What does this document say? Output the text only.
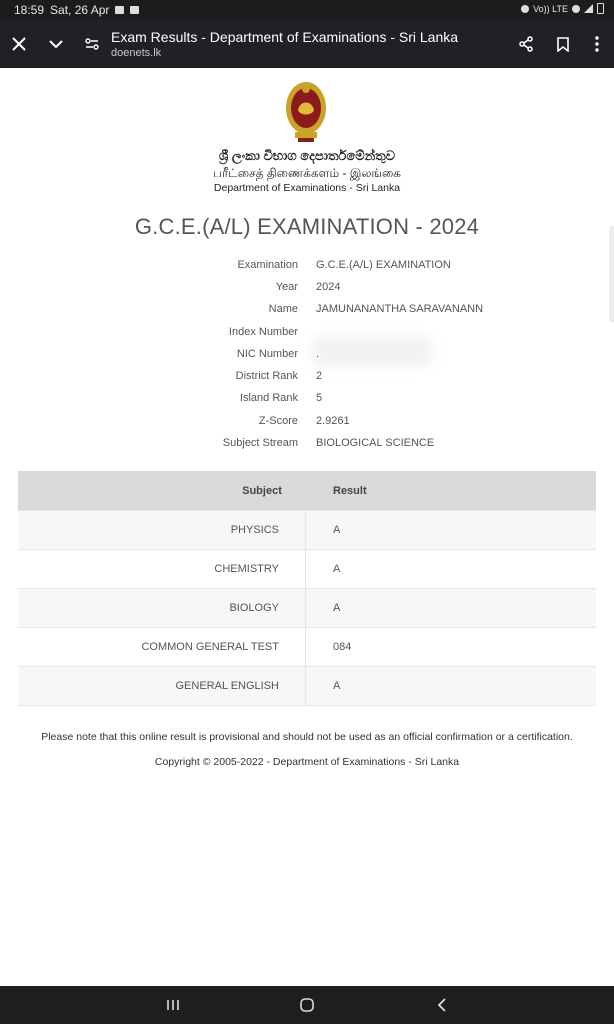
18:59 Sat, 26 Apr	Vo)) LTE
Exam Results - Department of Examinations - Sri Lanka
doenets.lk
ශ්‍රී ලංකා විභාග දෙපාර්තමේන්තුව
பரீட்சைத் திணைக்களம் - இலங்கை
Department of Examinations - Sri Lanka
G.C.E.(A/L) EXAMINATION - 2024
Examination G.C.E.(A/L) EXAMINATION
Year 2024
Name JAMUNANANTHA SARAVANANN
Index Number
NIC Number .
District Rank 2
Island Rank 5
Z-Score 2.9261
Subject Stream BIOLOGICAL SCIENCE
Subject	Result
PHYSICS	A
CHEMISTRY	A
BIOLOGY	A
COMMON GENERAL TEST	084
GENERAL ENGLISH	A
Please note that this online result is provisional and should not be used as an official confirmation or a certification.
Copyright © 2005-2022 - Department of Examinations - Sri Lanka
